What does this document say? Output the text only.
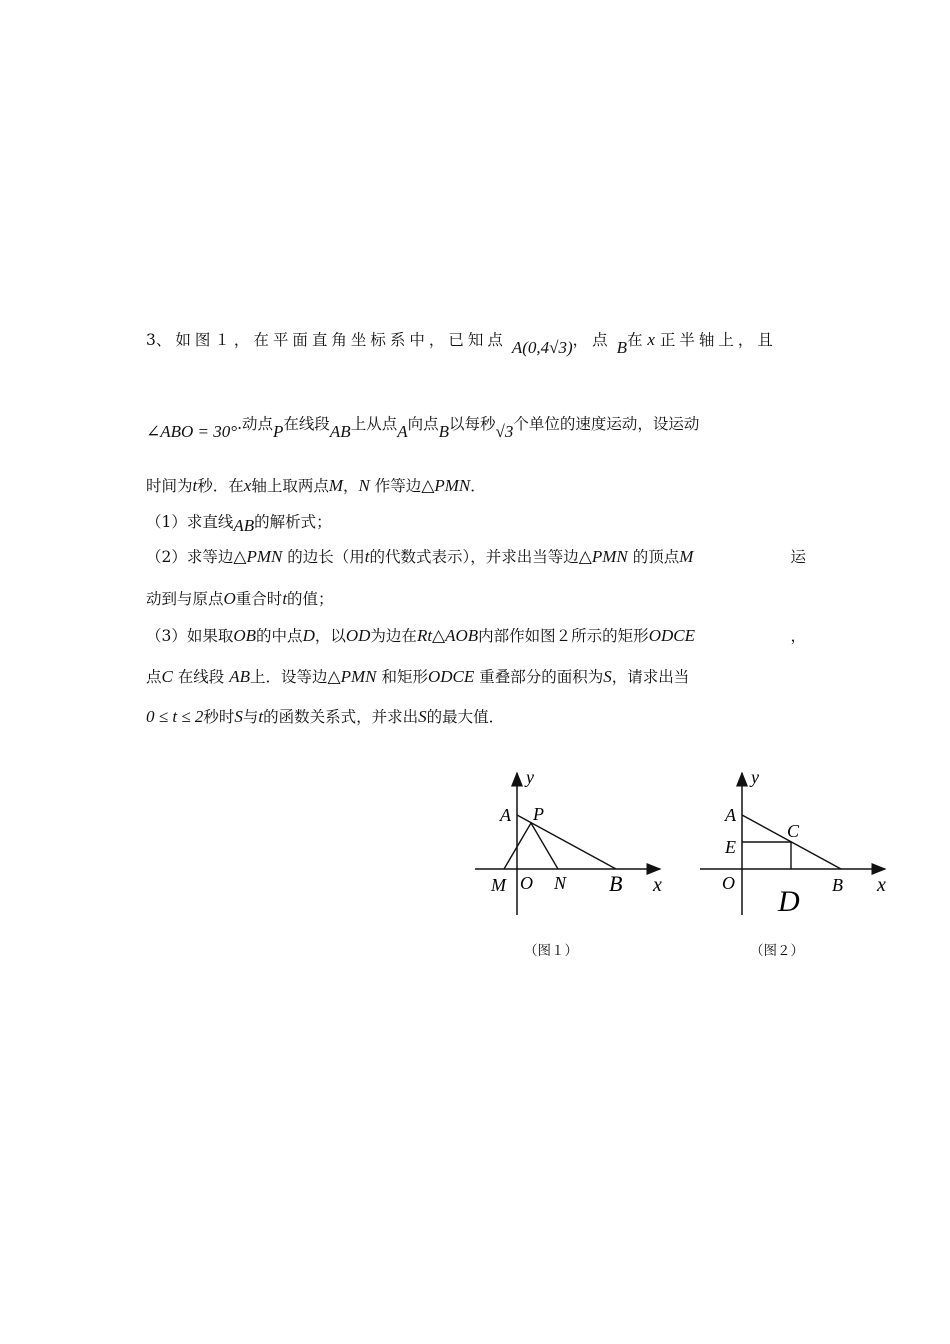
3、如图１，在平面直角坐标系中，已知点 A(0,4√3)，点 B在 x 正半轴上，且
∠ABO = 30°.动点P在线段AB上从点A向点B以每秒√3个单位的速度运动，设运动
时间为t秒．在x轴上取两点M，N 作等边△PMN．
（1）求直线AB的解析式；
（2）求等边△PMN 的边长（用t的代数式表示），并求出当等边△PMN 的顶点M	运
动到与原点O重合时t的值；
（3）如果取OB的中点D，以OD为边在Rt△AOB内部作如图２所示的矩形ODCE	，
点C 在线段 AB上．设等边△PMN 和矩形ODCE 重叠部分的面积为S，请求出当
0 ≤ t ≤ 2秒时S与t的函数关系式，并求出S的最大值．
y
A P
M O N B x
（图１）
y
A
C
E
O
D B x
（图２）
